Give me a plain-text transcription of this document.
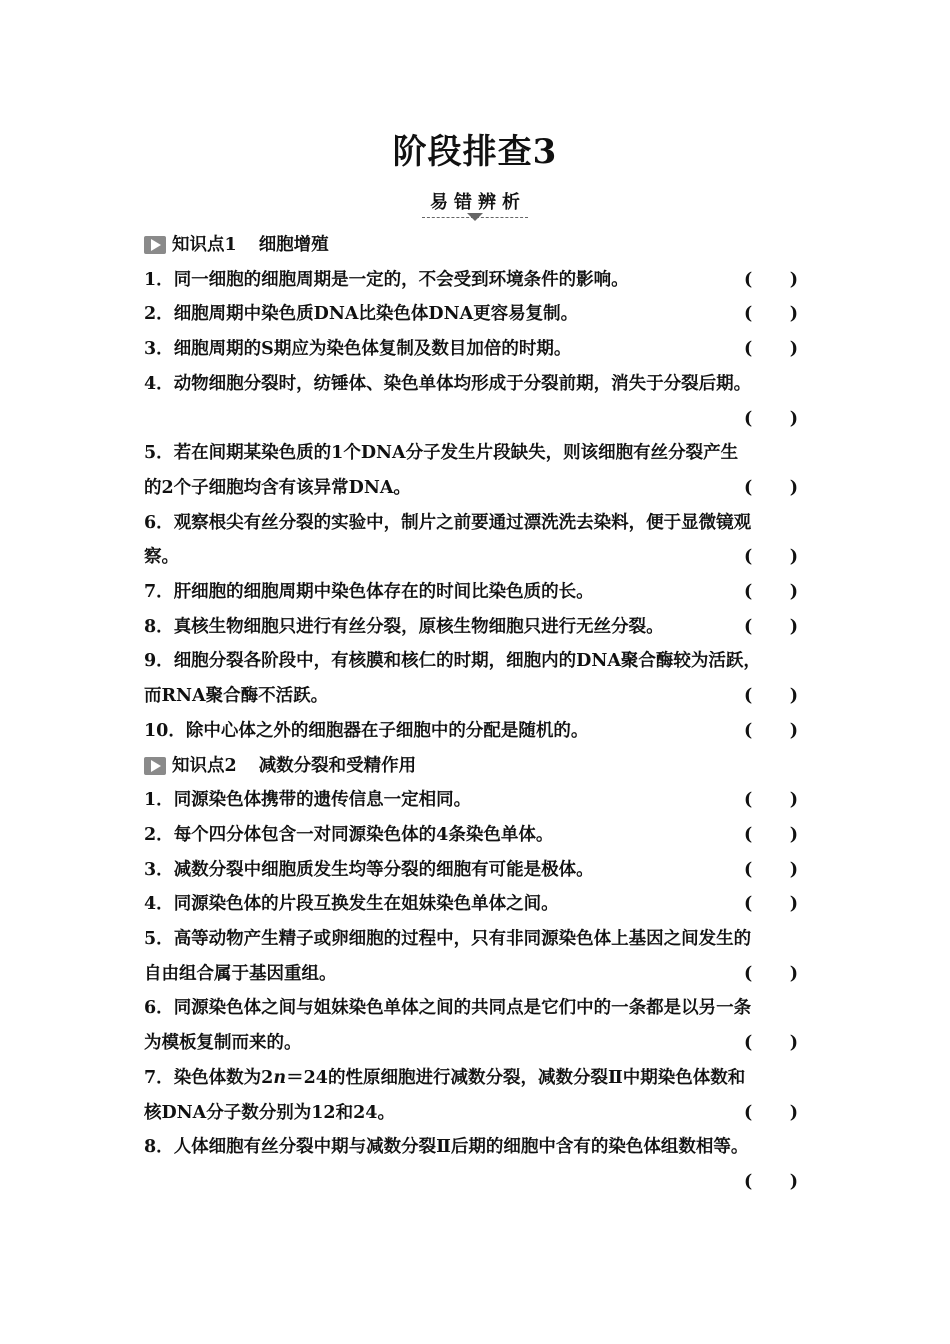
阶段排查3
易错辨析
知识点1 细胞增殖
1．同一细胞的细胞周期是一定的，不会受到环境条件的影响。	( )
2．细胞周期中染色质DNA比染色体DNA更容易复制。	( )
3．细胞周期的S期应为染色体复制及数目加倍的时期。	( )
4．动物细胞分裂时，纺锤体、染色单体均形成于分裂前期，消失于分裂后期。

( )
5．若在间期某染色质的1个DNA分子发生片段缺失，则该细胞有丝分裂产生
的2个子细胞均含有该异常DNA。	( )
6．观察根尖有丝分裂的实验中，制片之前要通过漂洗洗去染料，便于显微镜观
察。	( )
7．肝细胞的细胞周期中染色体存在的时间比染色质的长。	( )
8．真核生物细胞只进行有丝分裂，原核生物细胞只进行无丝分裂。	( )
9．细胞分裂各阶段中，有核膜和核仁的时期，细胞内的DNA聚合酶较为活跃，
而RNA聚合酶不活跃。	( )
10．除中心体之外的细胞器在子细胞中的分配是随机的。	( )
知识点2 减数分裂和受精作用
1．同源染色体携带的遗传信息一定相同。	( )
2．每个四分体包含一对同源染色体的4条染色单体。	( )
3．减数分裂中细胞质发生均等分裂的细胞有可能是极体。	( )
4．同源染色体的片段互换发生在姐妹染色单体之间。	( )
5．高等动物产生精子或卵细胞的过程中，只有非同源染色体上基因之间发生的
自由组合属于基因重组。	( )
6．同源染色体之间与姐妹染色单体之间的共同点是它们中的一条都是以另一条
为模板复制而来的。	( )
7．染色体数为2n＝24的性原细胞进行减数分裂，减数分裂Ⅱ中期染色体数和
核DNA分子数分别为12和24。	( )
8．人体细胞有丝分裂中期与减数分裂Ⅱ后期的细胞中含有的染色体组数相等。

( )
